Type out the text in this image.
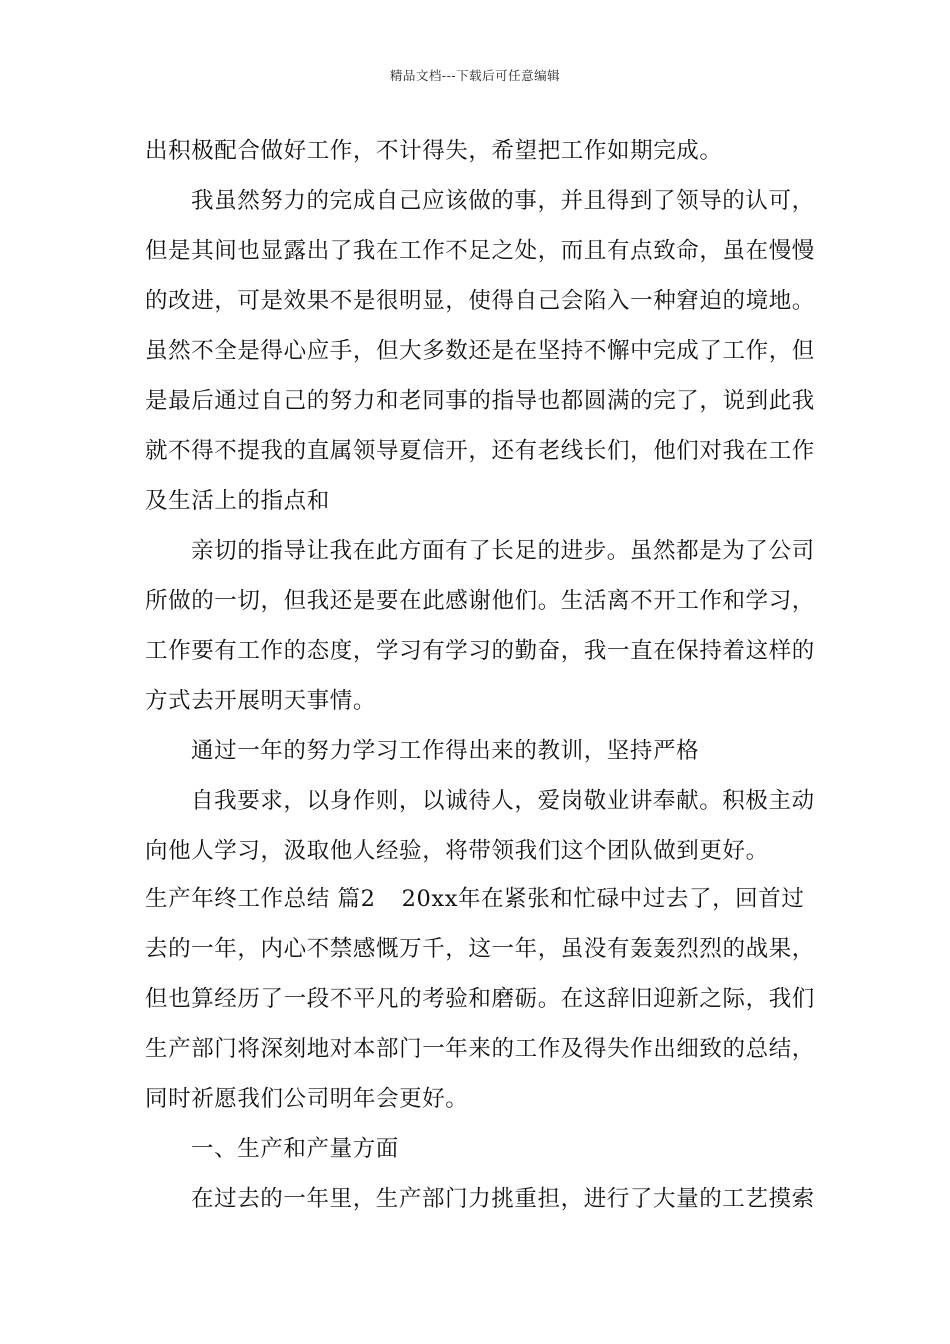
精品文档---下载后可任意编辑
出积极配合做好工作，不计得失，希望把工作如期完成。
我虽然努力的完成自己应该做的事，并且得到了领导的认可，
但是其间也显露出了我在工作不足之处，而且有点致命，虽在慢慢
的改进，可是效果不是很明显，使得自己会陷入一种窘迫的境地。
虽然不全是得心应手，但大多数还是在坚持不懈中完成了工作，但
是最后通过自己的努力和老同事的指导也都圆满的完了，说到此我
就不得不提我的直属领导夏信开，还有老线长们，他们对我在工作
及生活上的指点和
亲切的指导让我在此方面有了长足的进步。虽然都是为了公司
所做的一切，但我还是要在此感谢他们。生活离不开工作和学习，
工作要有工作的态度，学习有学习的勤奋，我一直在保持着这样的
方式去开展明天事情。
通过一年的努力学习工作得出来的教训，坚持严格
自我要求，以身作则，以诚待人，爱岗敬业讲奉献。积极主动
向他人学习，汲取他人经验，将带领我们这个团队做到更好。
生产年终工作总结 篇2 20xx年在紧张和忙碌中过去了，回首过
去的一年，内心不禁感慨万千，这一年，虽没有轰轰烈烈的战果，
但也算经历了一段不平凡的考验和磨砺。在这辞旧迎新之际，我们
生产部门将深刻地对本部门一年来的工作及得失作出细致的总结，
同时祈愿我们公司明年会更好。
一、生产和产量方面
在过去的一年里，生产部门力挑重担，进行了大量的工艺摸索
